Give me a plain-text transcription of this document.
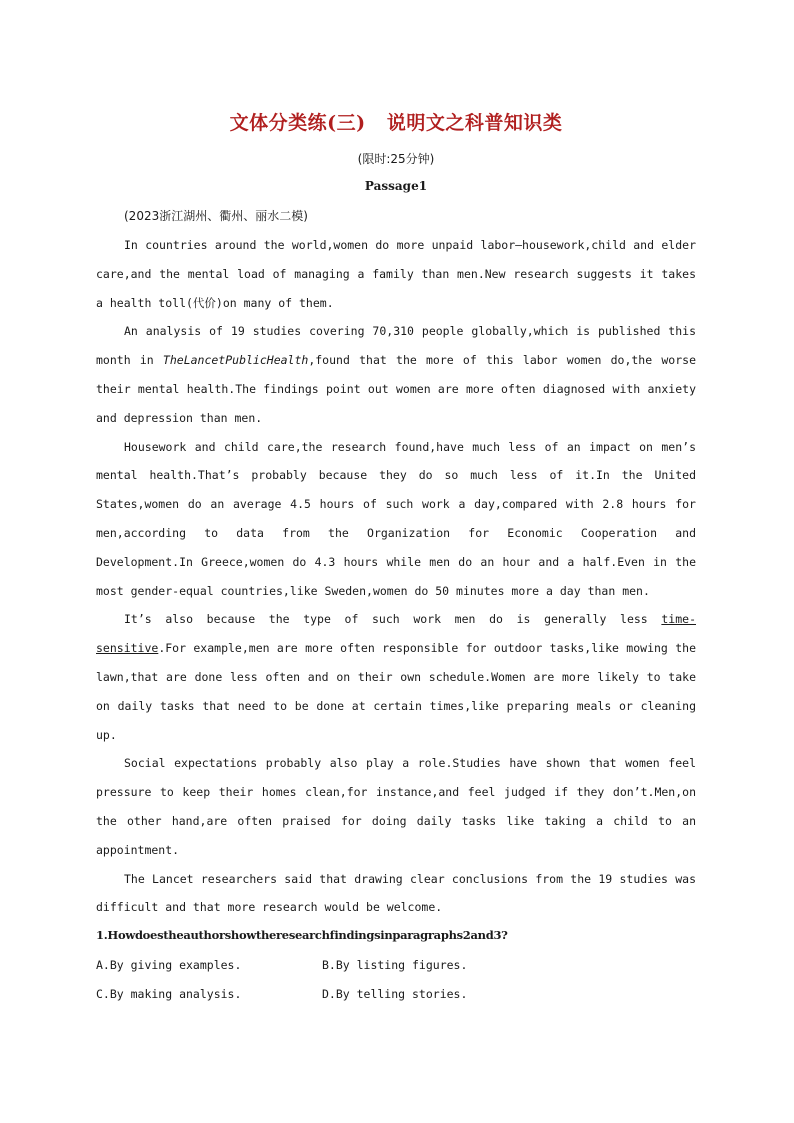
文体分类练(三)   说明文之科普知识类
(限时:25分钟)
Passage1
(2023浙江湖州、衢州、丽水二模)

In countries around the world,women do more unpaid labor—housework,child and elder care,and the mental load of managing a family than men.New research suggests it takes a health toll(代价)on many of them.

An analysis of 19 studies covering 70,310 people globally,which is published this month in TheLancetPublicHealth,found that the more of this labor women do,the worse their mental health.The findings point out women are more often diagnosed with anxiety and depression than men.

Housework and child care,the research found,have much less of an impact on men’s mental health.That’s probably because they do so much less of it.In the United States,women do an average 4.5 hours of such work a day,compared with 2.8 hours for men,according to data from the Organization for Economic Cooperation and Development.In Greece,women do 4.3 hours while men do an hour and a half.Even in the most gender-equal countries,like Sweden,women do 50 minutes more a day than men.

It’s also because the type of such work men do is generally less time-sensitive.For example,men are more often responsible for outdoor tasks,like mowing the lawn,that are done less often and on their own schedule.Women are more likely to take on daily tasks that need to be done at certain times,like preparing meals or cleaning up.

Social expectations probably also play a role.Studies have shown that women feel pressure to keep their homes clean,for instance,and feel judged if they don’t.Men,on the other hand,are often praised for doing daily tasks like taking a child to an appointment.

The Lancet researchers said that drawing clear conclusions from the 19 studies was difficult and that more research would be welcome.

1.Howdoestheauthorshowtheresearchfindingsinparagraphs2and3?
A.By giving examples.	B.By listing figures.
C.By making analysis.	D.By telling stories.
